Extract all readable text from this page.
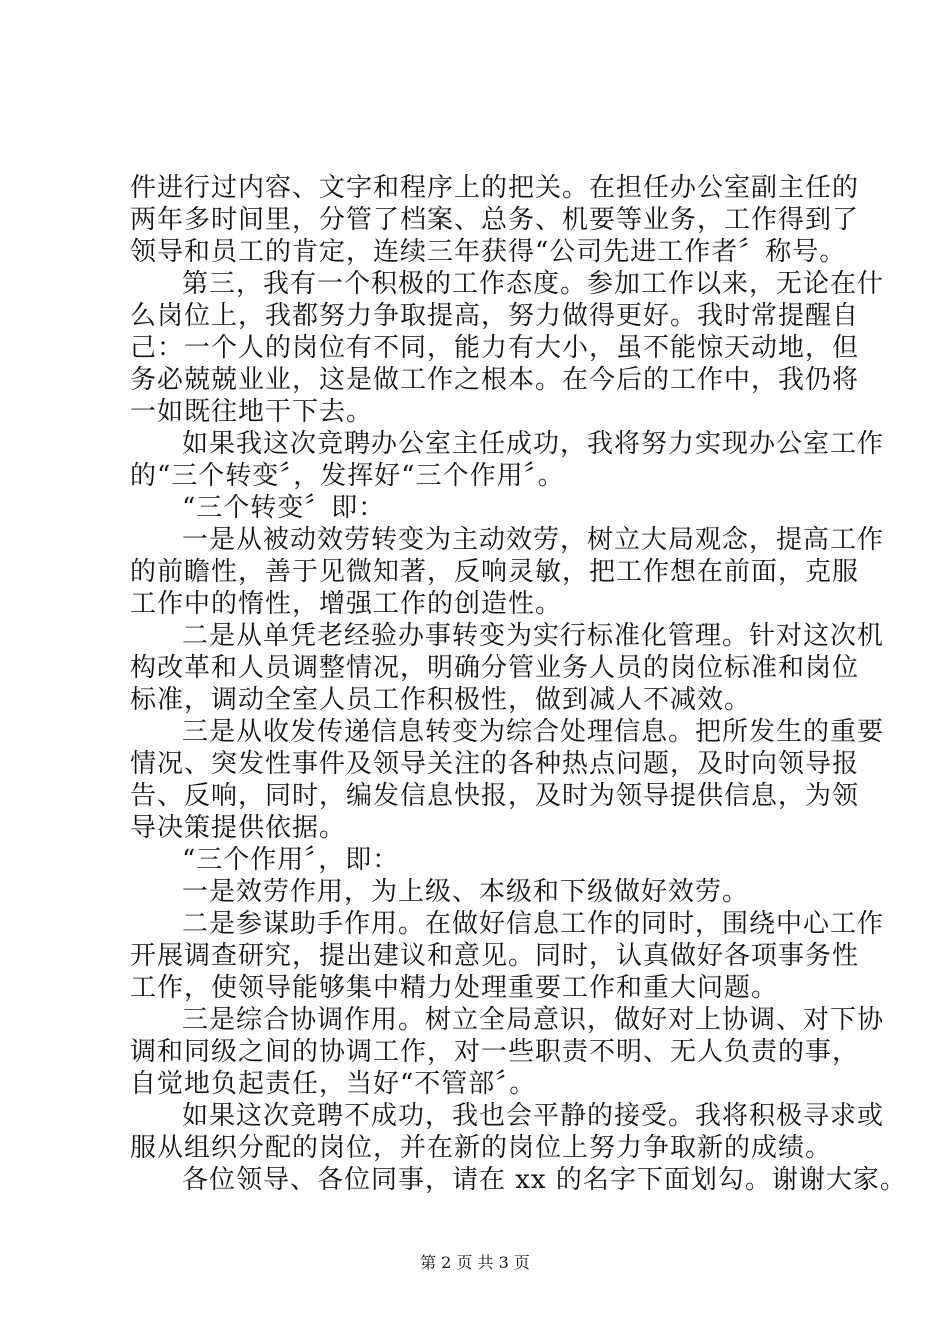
件进行过内容、文字和程序上的把关。在担任办公室副主任的
两年多时间里，分管了档案、总务、机要等业务，工作得到了
领导和员工的肯定，连续三年获得“公司先进工作者〞称号。
第三，我有一个积极的工作态度。参加工作以来，无论在什
么岗位上，我都努力争取提高，努力做得更好。我时常提醒自
己：一个人的岗位有不同，能力有大小，虽不能惊天动地，但
务必兢兢业业，这是做工作之根本。在今后的工作中，我仍将
一如既往地干下去。
如果我这次竞聘办公室主任成功，我将努力实现办公室工作
的“三个转变〞，发挥好“三个作用〞。
“三个转变〞即：
一是从被动效劳转变为主动效劳，树立大局观念，提高工作
的前瞻性，善于见微知著，反响灵敏，把工作想在前面，克服
工作中的惰性，增强工作的创造性。
二是从单凭老经验办事转变为实行标准化管理。针对这次机
构改革和人员调整情况，明确分管业务人员的岗位标准和岗位
标准，调动全室人员工作积极性，做到减人不减效。
三是从收发传递信息转变为综合处理信息。把所发生的重要
情况、突发性事件及领导关注的各种热点问题，及时向领导报
告、反响，同时，编发信息快报，及时为领导提供信息，为领
导决策提供依据。
“三个作用〞，即：
一是效劳作用，为上级、本级和下级做好效劳。
二是参谋助手作用。在做好信息工作的同时，围绕中心工作
开展调查研究，提出建议和意见。同时，认真做好各项事务性
工作，使领导能够集中精力处理重要工作和重大问题。
三是综合协调作用。树立全局意识，做好对上协调、对下协
调和同级之间的协调工作，对一些职责不明、无人负责的事，
自觉地负起责任，当好“不管部〞。
如果这次竞聘不成功，我也会平静的接受。我将积极寻求或
服从组织分配的岗位，并在新的岗位上努力争取新的成绩。
各位领导、各位同事，请在 xx 的名字下面划勾。谢谢大家。
第 2 页 共 3 页
